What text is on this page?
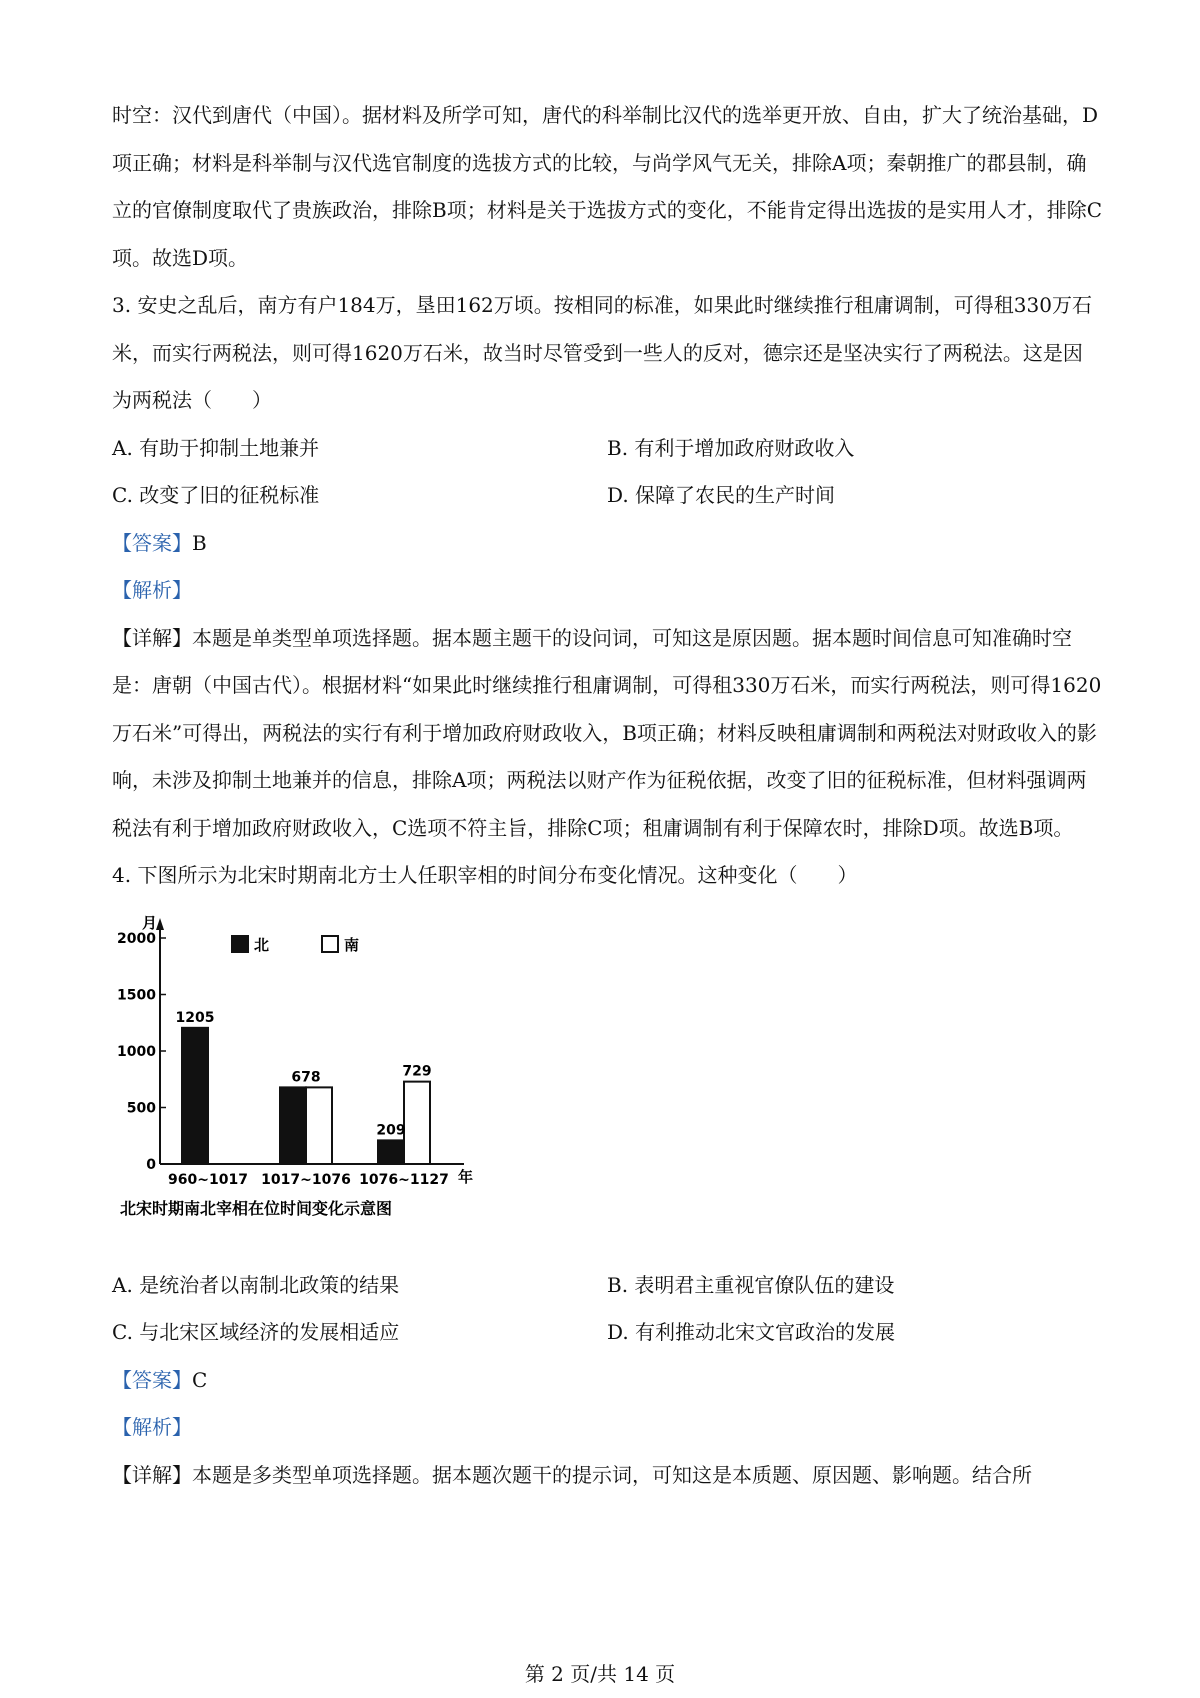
时空：汉代到唐代（中国）。据材料及所学可知，唐代的科举制比汉代的选举更开放、自由，扩大了统治基础，D项正确；材料是科举制与汉代选官制度的选拔方式的比较，与尚学风气无关，排除A项；秦朝推广的郡县制，确立的官僚制度取代了贵族政治，排除B项；材料是关于选拔方式的变化，不能肯定得出选拔的是实用人才，排除C项。故选D项。

3. 安史之乱后，南方有户184万，垦田162万顷。按相同的标准，如果此时继续推行租庸调制，可得租330万石米，而实行两税法，则可得1620万石米，故当时尽管受到一些人的反对，德宗还是坚决实行了两税法。这是因为两税法（　　）

A. 有助于抑制土地兼并	B. 有利于增加政府财政收入
C. 改变了旧的征税标准	D. 保障了农民的生产时间

【答案】B

【解析】

【详解】本题是单类型单项选择题。据本题主题干的设问词，可知这是原因题。据本题时间信息可知准确时空是：唐朝（中国古代）。根据材料“如果此时继续推行租庸调制，可得租330万石米，而实行两税法，则可得1620万石米”可得出，两税法的实行有利于增加政府财政收入，B项正确；材料反映租庸调制和两税法对财政收入的影响，未涉及抑制土地兼并的信息，排除A项；两税法以财产作为征税依据，改变了旧的征税标准，但材料强调两税法有利于增加政府财政收入，C选项不符主旨，排除C项；租庸调制有利于保障农时，排除D项。故选B项。

4. 下图所示为北宋时期南北方士人任职宰相的时间分布变化情况。这种变化（　　）

月
0
500
1000
1500
2000
960~1017 1017~1076 1076~1127 年
1205
678
209
729
北	南
北宋时期南北宰相在位时间变化示意图
A. 是统治者以南制北政策的结果	B. 表明君主重视官僚队伍的建设
C. 与北宋区域经济的发展相适应	D. 有利推动北宋文官政治的发展

【答案】C

【解析】

【详解】本题是多类型单项选择题。据本题次题干的提示词，可知这是本质题、原因题、影响题。结合所

第 2 页/共 14 页
